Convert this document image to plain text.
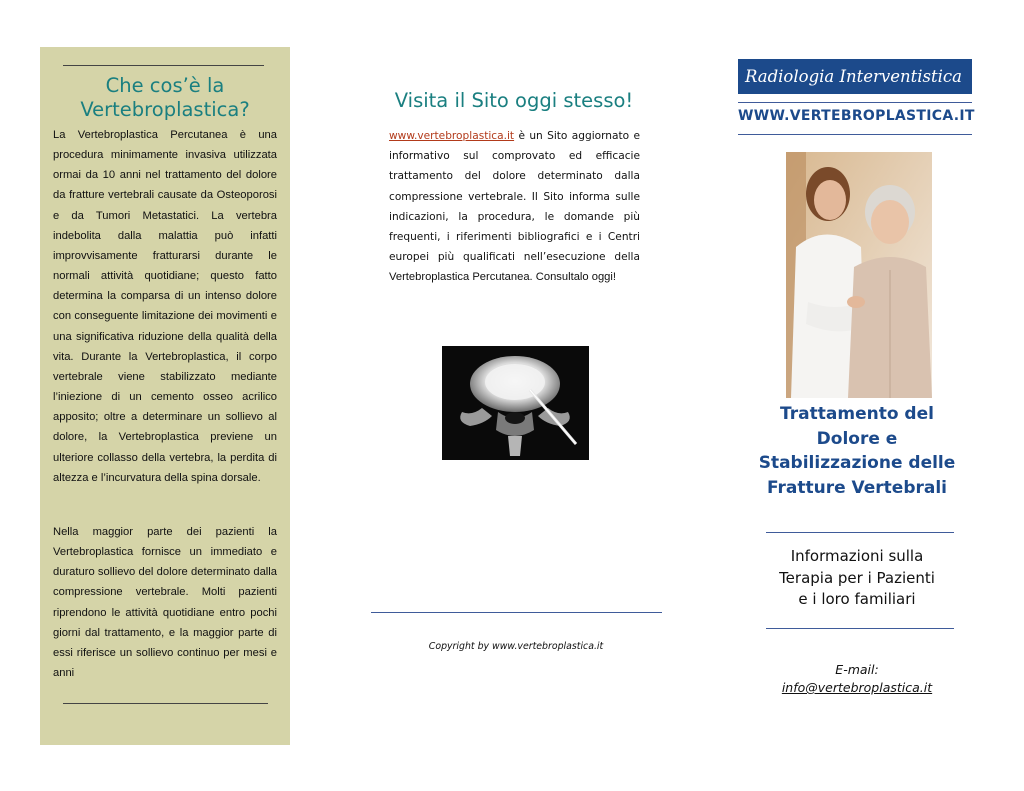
Che cos’è la
Vertebroplastica?
La Vertebroplastica Percutanea è una procedura minimamente invasiva utilizzata ormai da 10 anni nel trattamento del dolore da fratture vertebrali causate da Osteoporosi e da Tumori Metastatici. La vertebra indebolita dalla malattia può infatti improvvisamente fratturarsi durante le normali attività quotidiane; questo fatto determina la comparsa di un intenso dolore con conseguente limitazione dei movimenti e una significativa riduzione della qualità della vita. Durante la Vertebroplastica, il corpo vertebrale viene stabilizzato mediante l’iniezione di un cemento osseo acrilico apposito; oltre a determinare un sollievo al dolore, la Vertebroplastica previene un ulteriore collasso della vertebra, la perdita di altezza e l’incurvatura della spina dorsale.
Nella maggior parte dei pazienti la Vertebroplastica fornisce un immediato e duraturo sollievo del dolore determinato dalla compressione vertebrale. Molti pazienti riprendono le attività quotidiane entro pochi giorni dal trattamento, e la maggior parte di essi riferisce un sollievo continuo per mesi e anni
Visita il Sito oggi stesso!
www.vertebroplastica.it è un Sito aggiornato e informativo sul comprovato ed efficacie trattamento del dolore determinato dalla compressione vertebrale. Il Sito informa sulle indicazioni, la procedura, le domande più frequenti, i riferimenti bibliografici e i Centri europei più qualificati nell’esecuzione della Vertebroplastica Percutanea. Consultalo oggi!
Copyright by www.vertebroplastica.it
Radiologia Interventistica
WWW.VERTEBROPLASTICA.IT
Trattamento del
Dolore e
Stabilizzazione delle
Fratture Vertebrali
Informazioni sulla
Terapia per i Pazienti
e i loro familiari
E-mail:
info@vertebroplastica.it
